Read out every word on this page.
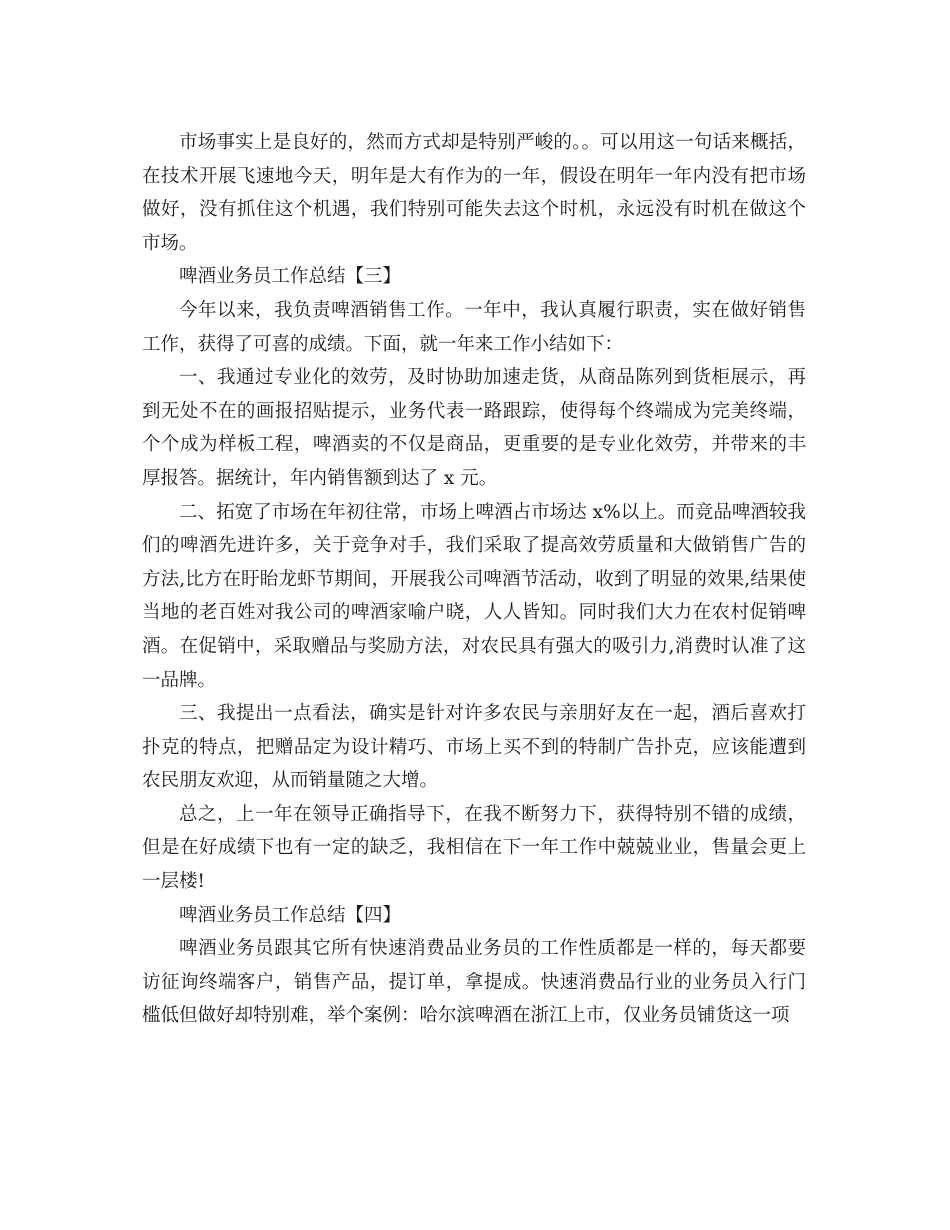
市场事实上是良好的，然而方式却是特别严峻的。。可以用这一句话来概括，在技术开展飞速地今天，明年是大有作为的一年，假设在明年一年内没有把市场做好，没有抓住这个机遇，我们特别可能失去这个时机，永远没有时机在做这个市场。

啤酒业务员工作总结【三】

今年以来，我负责啤酒销售工作。一年中，我认真履行职责，实在做好销售工作，获得了可喜的成绩。下面，就一年来工作小结如下：

一、我通过专业化的效劳，及时协助加速走货，从商品陈列到货柜展示，再到无处不在的画报招贴提示，业务代表一路跟踪，使得每个终端成为完美终端，个个成为样板工程，啤酒卖的不仅是商品，更重要的是专业化效劳，并带来的丰厚报答。据统计，年内销售额到达了 x 元。

二、拓宽了市场在年初往常，市场上啤酒占市场达 x%以上。而竞品啤酒较我们的啤酒先进许多，关于竞争对手，我们采取了提高效劳质量和大做销售广告的方法,比方在盱眙龙虾节期间，开展我公司啤酒节活动，收到了明显的效果,结果使当地的老百姓对我公司的啤酒家喻户晓，人人皆知。同时我们大力在农村促销啤酒。在促销中，采取赠品与奖励方法，对农民具有强大的吸引力,消费时认准了这一品牌。

三、我提出一点看法，确实是针对许多农民与亲朋好友在一起，酒后喜欢打扑克的特点，把赠品定为设计精巧、市场上买不到的特制广告扑克，应该能遭到农民朋友欢迎，从而销量随之大增。

总之，上一年在领导正确指导下，在我不断努力下，获得特别不错的成绩，但是在好成绩下也有一定的缺乏，我相信在下一年工作中兢兢业业，售量会更上一层楼!

啤酒业务员工作总结【四】

啤酒业务员跟其它所有快速消费品业务员的工作性质都是一样的，每天都要访征询终端客户，销售产品，提订单，拿提成。快速消费品行业的业务员入行门槛低但做好却特别难，举个案例：哈尔滨啤酒在浙江上市，仅业务员铺货这一项
